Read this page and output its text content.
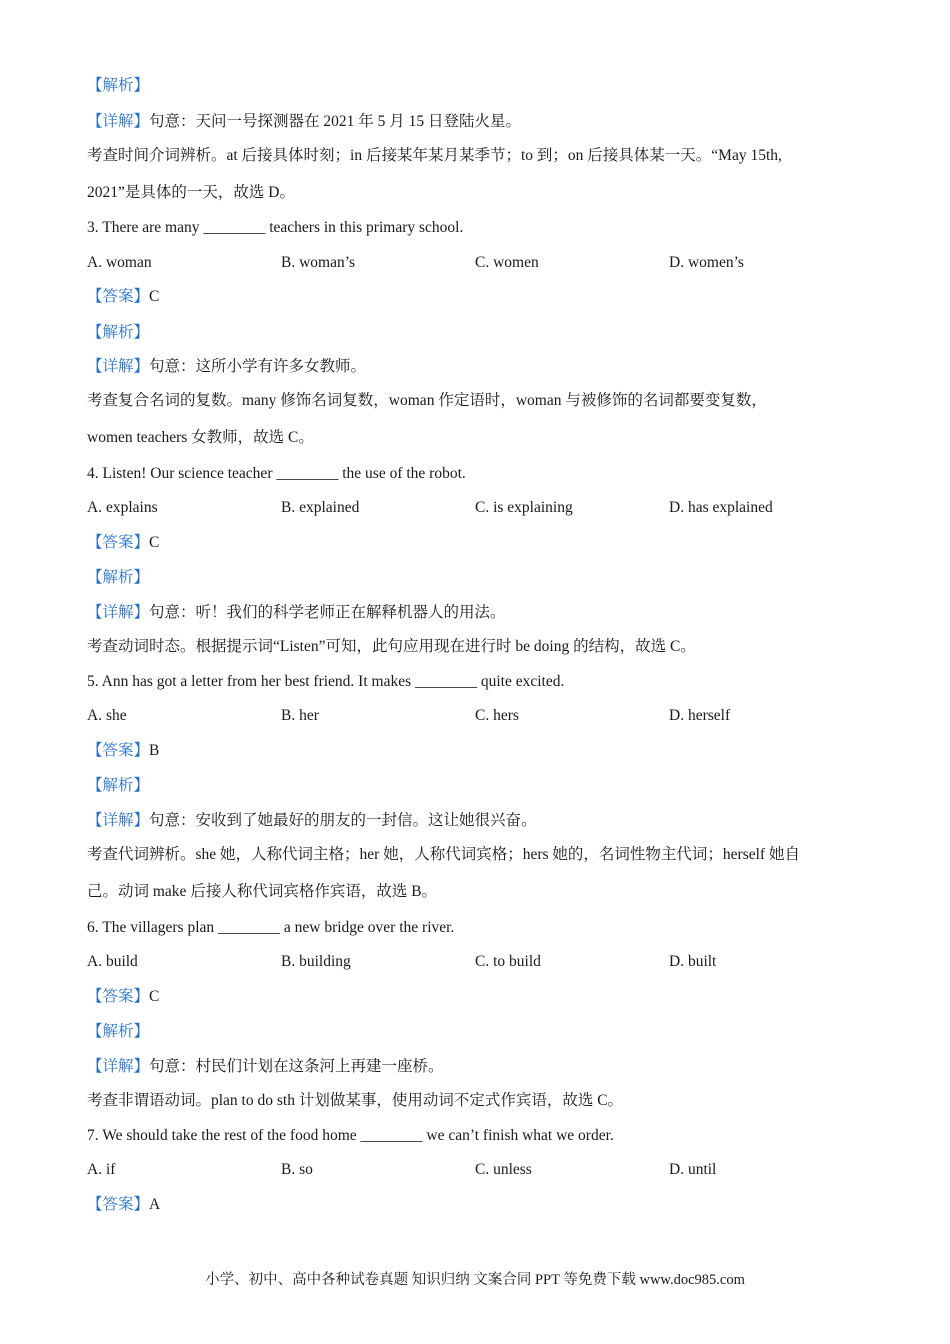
【解析】
【详解】句意：天问一号探测器在 2021 年 5 月 15 日登陆火星。
考查时间介词辨析。at 后接具体时刻；in 后接某年某月某季节；to 到；on 后接具体某一天。“May 15th,
2021”是具体的一天，故选 D。
3. There are many ________ teachers in this primary school.
A. woman	B. woman’s	C. women	D. women’s
【答案】C
【解析】
【详解】句意：这所小学有许多女教师。
考查复合名词的复数。many 修饰名词复数，woman 作定语时，woman 与被修饰的名词都要变复数，
women teachers 女教师，故选 C。
4. Listen! Our science teacher ________ the use of the robot.
A. explains	B. explained	C. is explaining	D. has explained
【答案】C
【解析】
【详解】句意：听！我们的科学老师正在解释机器人的用法。
考查动词时态。根据提示词“Listen”可知，此句应用现在进行时 be doing 的结构，故选 C。
5. Ann has got a letter from her best friend. It makes ________ quite excited.
A. she	B. her	C. hers	D. herself
【答案】B
【解析】
【详解】句意：安收到了她最好的朋友的一封信。这让她很兴奋。
考查代词辨析。she 她，人称代词主格；her 她，人称代词宾格；hers 她的，名词性物主代词；herself 她自
己。动词 make 后接人称代词宾格作宾语，故选 B。
6. The villagers plan ________ a new bridge over the river.
A. build	B. building	C. to build	D. built
【答案】C
【解析】
【详解】句意：村民们计划在这条河上再建一座桥。
考查非谓语动词。plan to do sth 计划做某事，使用动词不定式作宾语，故选 C。
7. We should take the rest of the food home ________ we can’t finish what we order.
A. if	B. so	C. unless	D. until
【答案】A
小学、初中、高中各种试卷真题 知识归纳 文案合同 PPT 等免费下载 www.doc985.com
